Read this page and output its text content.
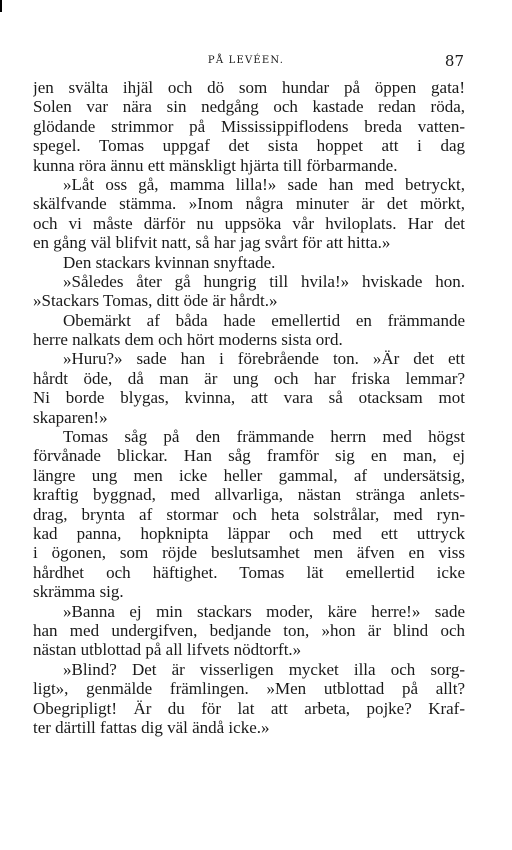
PÅ LEVÉEN.	87
jen svälta ihjäl och dö som hundar på öppen gata!
Solen var nära sin nedgång och kastade redan röda,
glödande strimmor på Mississippiflodens breda vatten-
spegel. Tomas uppgaf det sista hoppet att i dag
kunna röra ännu ett mänskligt hjärta till förbarmande.
»Låt oss gå, mamma lilla!» sade han med betryckt,
skälfvande stämma. »Inom några minuter är det mörkt,
och vi måste därför nu uppsöka vår hviloplats. Har det
en gång väl blifvit natt, så har jag svårt för att hitta.»
Den stackars kvinnan snyftade.
»Således åter gå hungrig till hvila!» hviskade hon.
»Stackars Tomas, ditt öde är hårdt.»
Obemärkt af båda hade emellertid en främmande
herre nalkats dem och hört moderns sista ord.
»Huru?» sade han i förebrående ton. »Är det ett
hårdt öde, då man är ung och har friska lemmar?
Ni borde blygas, kvinna, att vara så otacksam mot
skaparen!»
Tomas såg på den främmande herrn med högst
förvånade blickar. Han såg framför sig en man, ej
längre ung men icke heller gammal, af undersätsig,
kraftig byggnad, med allvarliga, nästan stränga anlets-
drag, brynta af stormar och heta solstrålar, med ryn-
kad panna, hopknipta läppar och med ett uttryck
i ögonen, som röjde beslutsamhet men äfven en viss
hårdhet och häftighet. Tomas lät emellertid icke
skrämma sig.
»Banna ej min stackars moder, käre herre!» sade
han med undergifven, bedjande ton, »hon är blind och
nästan utblottad på all lifvets nödtorft.»
»Blind? Det är visserligen mycket illa och sorg-
ligt», genmälde främlingen. »Men utblottad på allt?
Obegripligt! Är du för lat att arbeta, pojke? Kraf-
ter därtill fattas dig väl ändå icke.»
